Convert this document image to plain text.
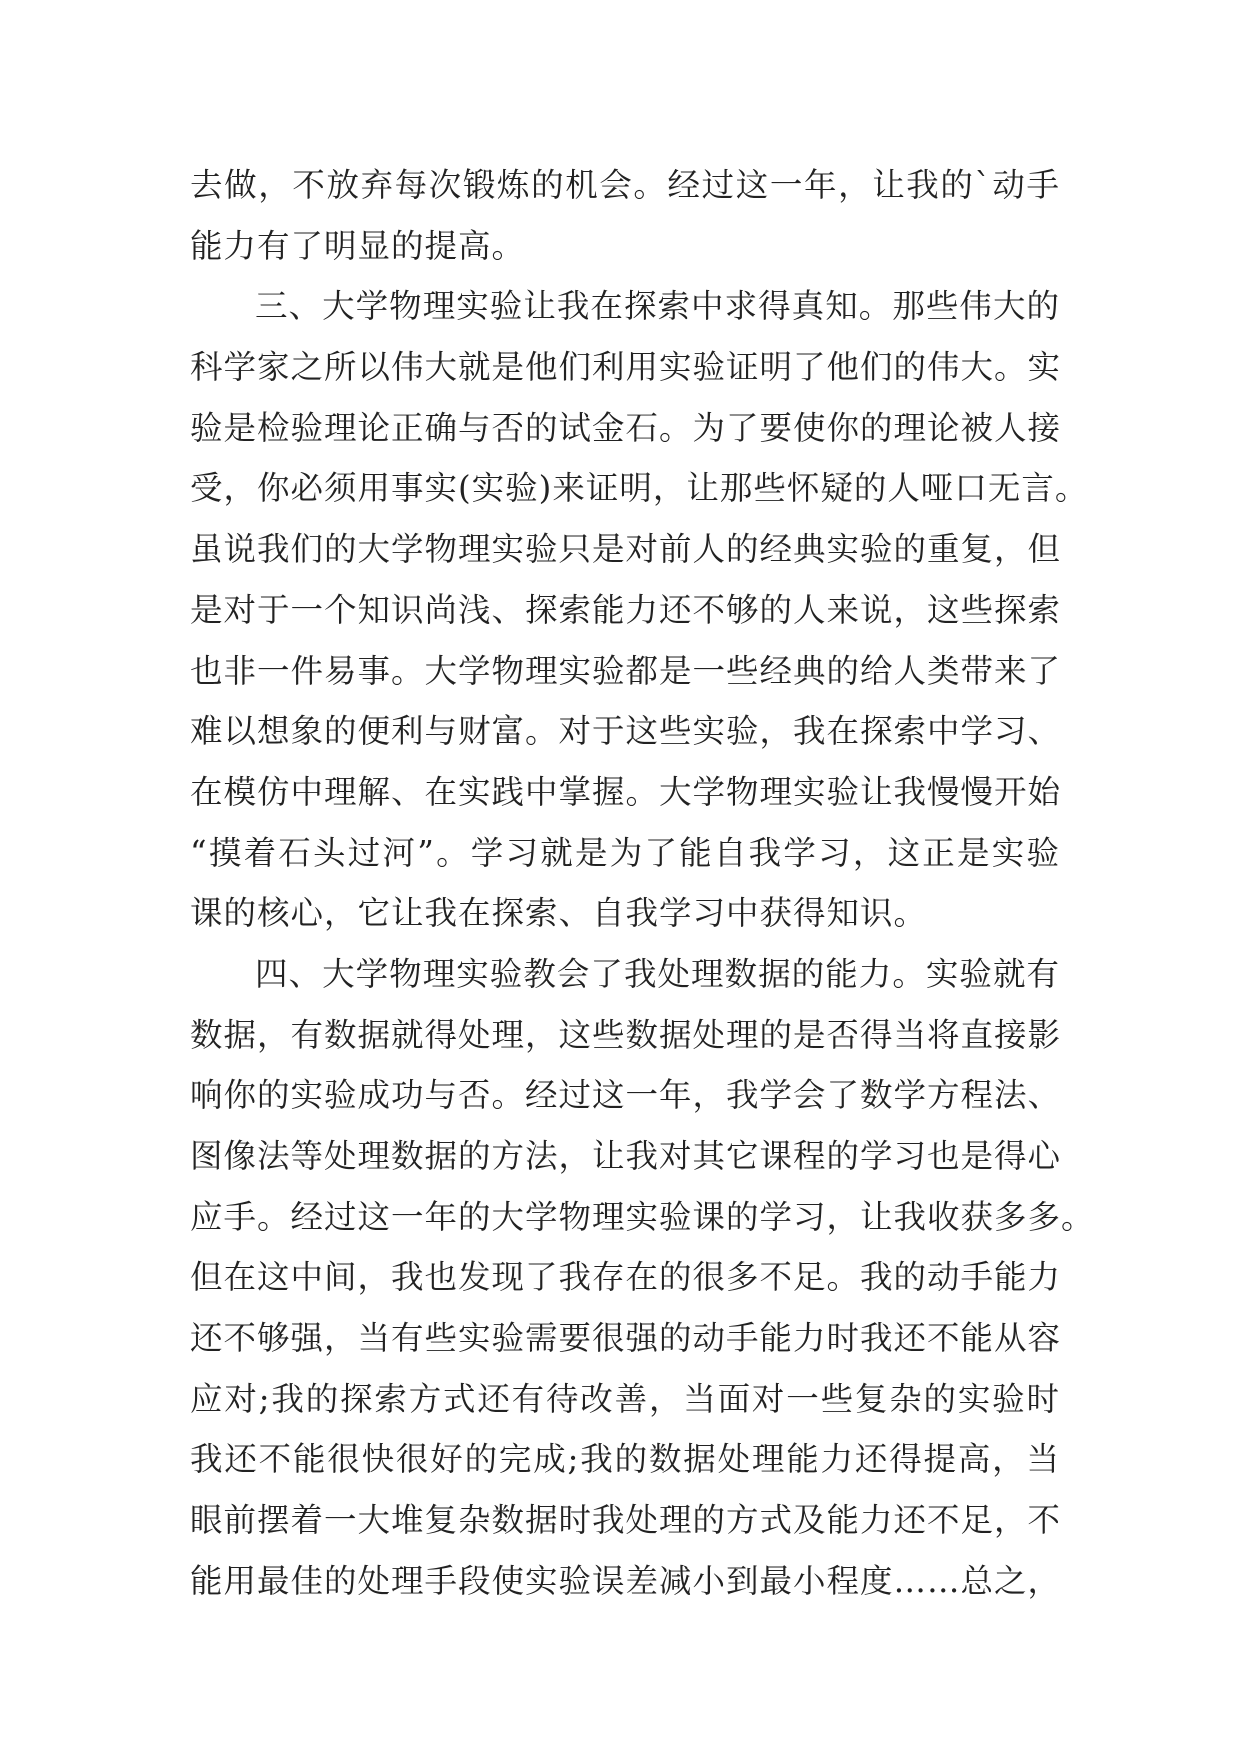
去做，不放弃每次锻炼的机会。经过这一年，让我的`动手
能力有了明显的提高。
三、大学物理实验让我在探索中求得真知。那些伟大的
科学家之所以伟大就是他们利用实验证明了他们的伟大。实
验是检验理论正确与否的试金石。为了要使你的理论被人接
受，你必须用事实(实验)来证明，让那些怀疑的人哑口无言。
虽说我们的大学物理实验只是对前人的经典实验的重复，但
是对于一个知识尚浅、探索能力还不够的人来说，这些探索
也非一件易事。大学物理实验都是一些经典的给人类带来了
难以想象的便利与财富。对于这些实验，我在探索中学习、
在模仿中理解、在实践中掌握。大学物理实验让我慢慢开始
“摸着石头过河”。学习就是为了能自我学习，这正是实验
课的核心，它让我在探索、自我学习中获得知识。
四、大学物理实验教会了我处理数据的能力。实验就有
数据，有数据就得处理，这些数据处理的是否得当将直接影
响你的实验成功与否。经过这一年，我学会了数学方程法、
图像法等处理数据的方法，让我对其它课程的学习也是得心
应手。经过这一年的大学物理实验课的学习，让我收获多多。
但在这中间，我也发现了我存在的很多不足。我的动手能力
还不够强，当有些实验需要很强的动手能力时我还不能从容
应对;我的探索方式还有待改善，当面对一些复杂的实验时
我还不能很快很好的完成;我的数据处理能力还得提高，当
眼前摆着一大堆复杂数据时我处理的方式及能力还不足，不
能用最佳的处理手段使实验误差减小到最小程度……总之，
